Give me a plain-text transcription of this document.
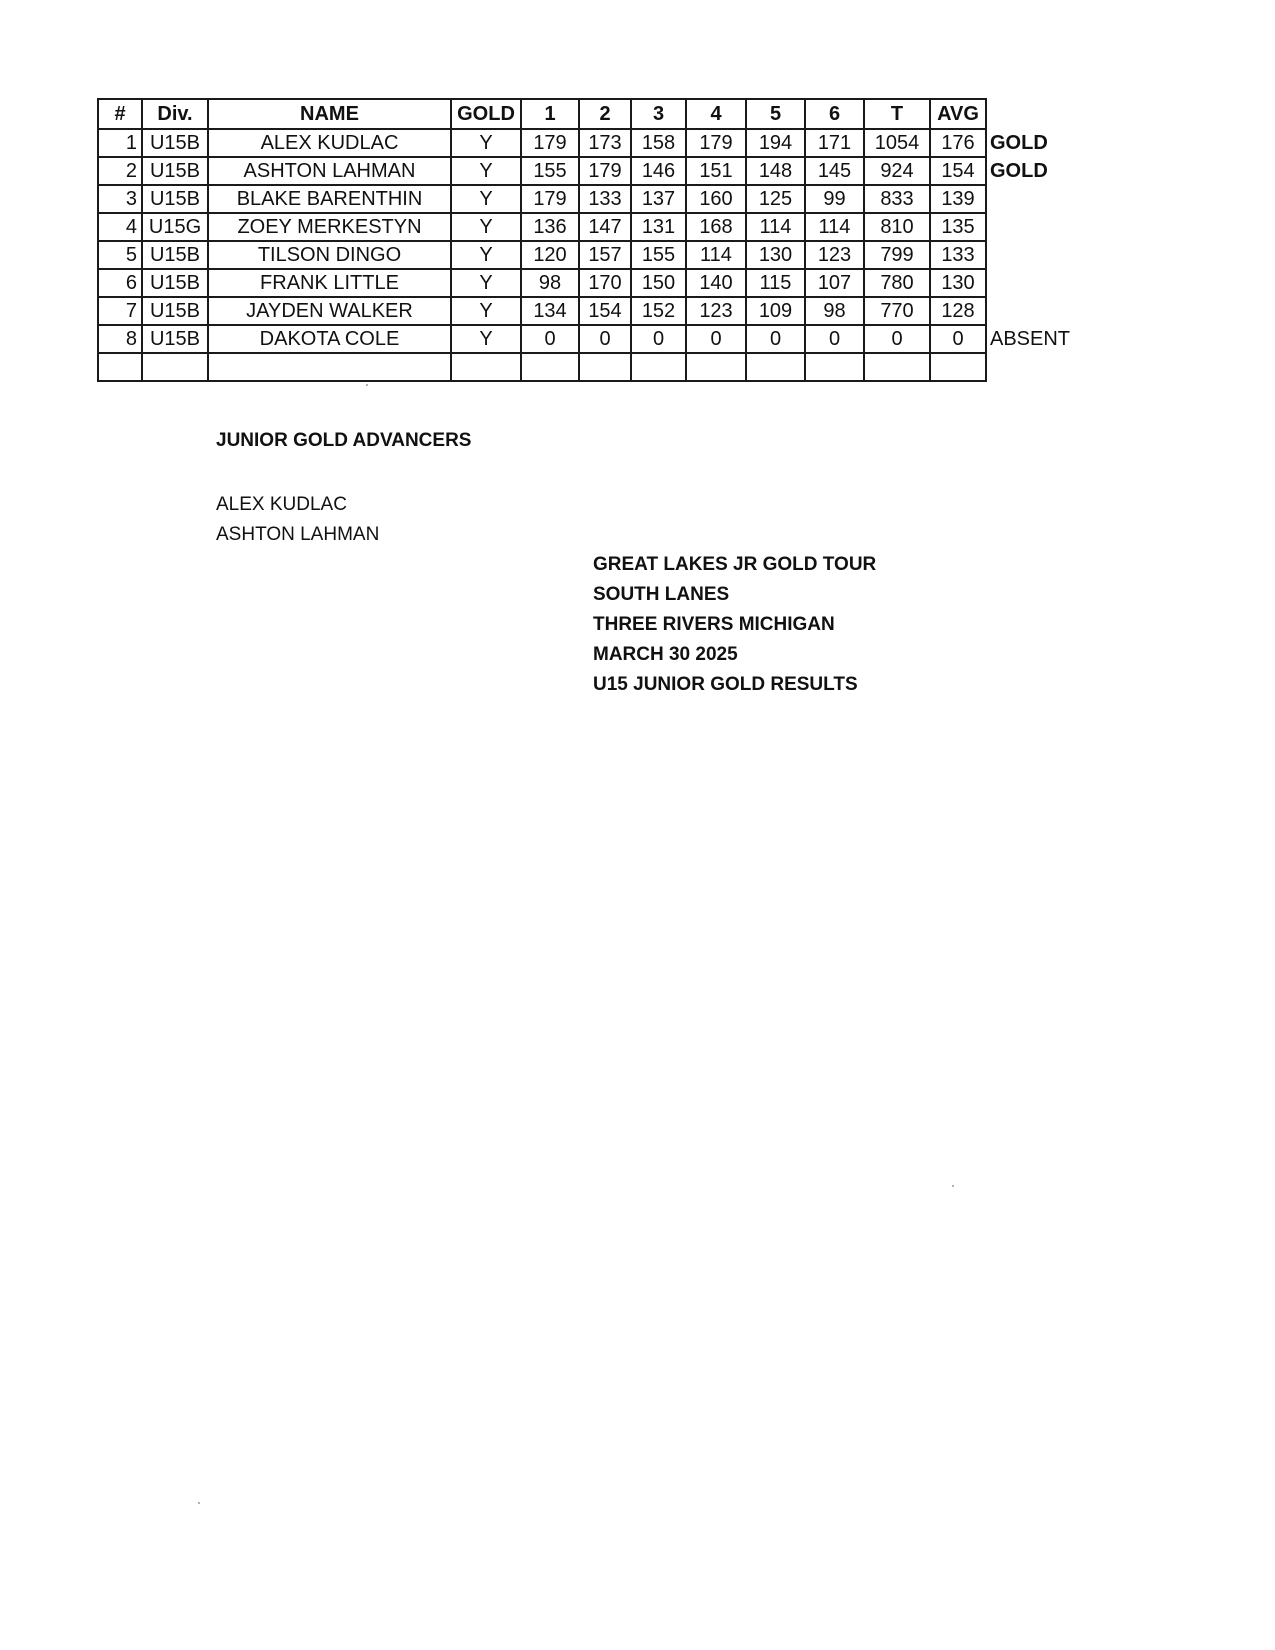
#	Div.	NAME	GOLD	1	2	3	4	5	6	T	AVG	
1	U15B	ALEX KUDLAC	Y	179	173	158	179	194	171	1054	176	GOLD
2	U15B	ASHTON LAHMAN	Y	155	179	146	151	148	145	924	154	GOLD
3	U15B	BLAKE BARENTHIN	Y	179	133	137	160	125	99	833	139	
4	U15G	ZOEY MERKESTYN	Y	136	147	131	168	114	114	810	135	
5	U15B	TILSON DINGO	Y	120	157	155	114	130	123	799	133	
6	U15B	FRANK LITTLE	Y	98	170	150	140	115	107	780	130	
7	U15B	JAYDEN WALKER	Y	134	154	152	123	109	98	770	128	
8	U15B	DAKOTA COLE	Y	0	0	0	0	0	0	0	0	ABSENT

JUNIOR GOLD ADVANCERS
ALEX KUDLAC
ASHTON LAHMAN
GREAT LAKES JR GOLD TOUR
SOUTH LANES
THREE RIVERS MICHIGAN
MARCH 30 2025
U15 JUNIOR GOLD RESULTS
